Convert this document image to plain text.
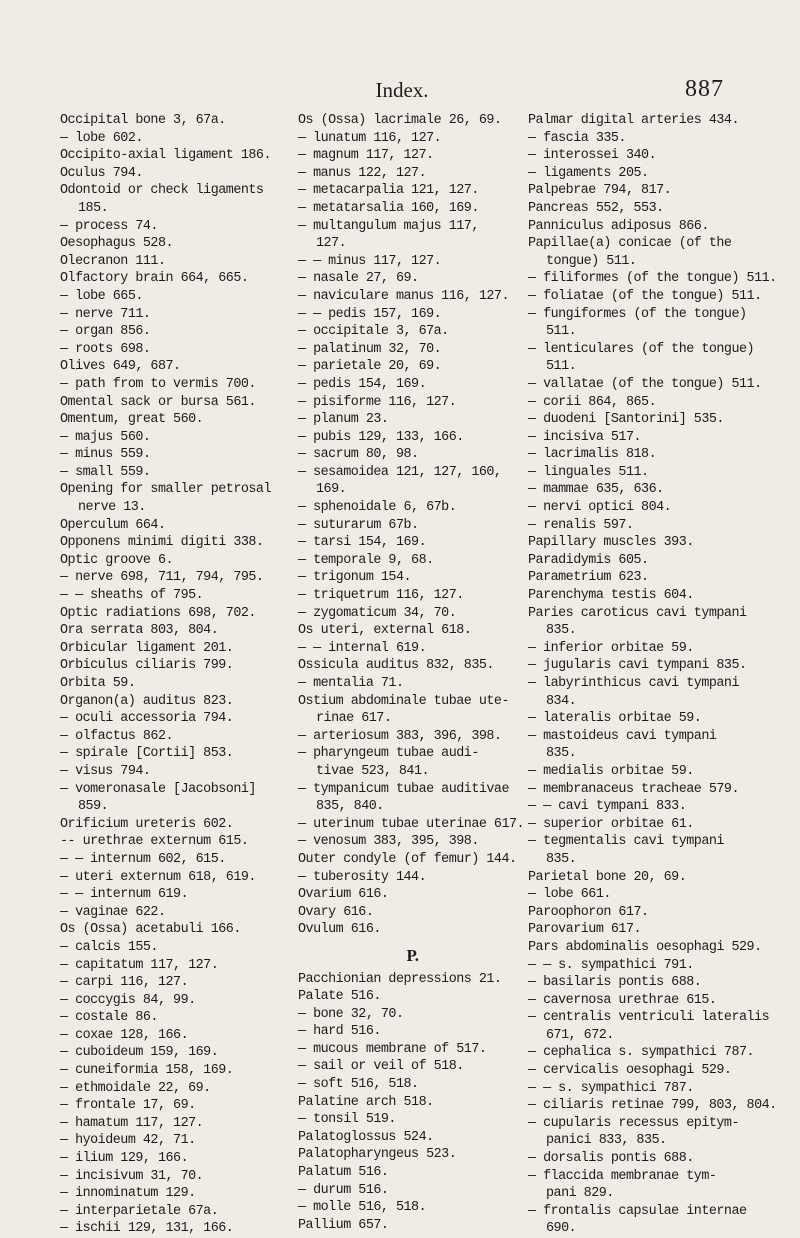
Index.	887
Occipital bone 3, 67a.
— lobe 602.
Occipito-axial ligament 186.
Oculus 794.
Odontoid or check ligaments
185.
— process 74.
Oesophagus 528.
Olecranon 111.
Olfactory brain 664, 665.
— lobe 665.
— nerve 711.
— organ 856.
— roots 698.
Olives 649, 687.
— path from to vermis 700.
Omental sack or bursa 561.
Omentum, great 560.
— majus 560.
— minus 559.
— small 559.
Opening for smaller petrosal
nerve 13.
Operculum 664.
Opponens minimi digiti 338.
Optic groove 6.
— nerve 698, 711, 794, 795.
— — sheaths of 795.
Optic radiations 698, 702.
Ora serrata 803, 804.
Orbicular ligament 201.
Orbiculus ciliaris 799.
Orbita 59.
Organon(a) auditus 823.
— oculi accessoria 794.
— olfactus 862.
— spirale [Cortii] 853.
— visus 794.
— vomeronasale [Jacobsoni]
859.
Orificium ureteris 602.
-- urethrae externum 615.
— — internum 602, 615.
— uteri externum 618, 619.
— — internum 619.
— vaginae 622.
Os (Ossa) acetabuli 166.
— calcis 155.
— capitatum 117, 127.
— carpi 116, 127.
— coccygis 84, 99.
— costale 86.
— coxae 128, 166.
— cuboideum 159, 169.
— cuneiformia 158, 169.
— ethmoidale 22, 69.
— frontale 17, 69.
— hamatum 117, 127.
— hyoideum 42, 71.
— ilium 129, 166.
— incisivum 31, 70.
— innominatum 129.
— interparietale 67a.
— ischii 129, 131, 166.
Os (Ossa) lacrimale 26, 69.
— lunatum 116, 127.
— magnum 117, 127.
— manus 122, 127.
— metacarpalia 121, 127.
— metatarsalia 160, 169.
— multangulum majus 117,
127.
— — minus 117, 127.
— nasale 27, 69.
— naviculare manus 116, 127.
— — pedis 157, 169.
— occipitale 3, 67a.
— palatinum 32, 70.
— parietale 20, 69.
— pedis 154, 169.
— pisiforme 116, 127.
— planum 23.
— pubis 129, 133, 166.
— sacrum 80, 98.
— sesamoidea 121, 127, 160,
169.
— sphenoidale 6, 67b.
— suturarum 67b.
— tarsi 154, 169.
— temporale 9, 68.
— trigonum 154.
— triquetrum 116, 127.
— zygomaticum 34, 70.
Os uteri, external 618.
— — internal 619.
Ossicula auditus 832, 835.
— mentalia 71.
Ostium abdominale tubae ute-
rinae 617.
— arteriosum 383, 396, 398.
— pharyngeum tubae audi-
tivae 523, 841.
— tympanicum tubae auditivae
835, 840.
— uterinum tubae uterinae 617.
— venosum 383, 395, 398.
Outer condyle (of femur) 144.
— tuberosity 144.
Ovarium 616.
Ovary 616.
Ovulum 616.
P.
Pacchionian depressions 21.
Palate 516.
— bone 32, 70.
— hard 516.
— mucous membrane of 517.
— sail or veil of 518.
— soft 516, 518.
Palatine arch 518.
— tonsil 519.
Palatoglossus 524.
Palatopharyngeus 523.
Palatum 516.
— durum 516.
— molle 516, 518.
Pallium 657.
Palmar digital arteries 434.
— fascia 335.
— interossei 340.
— ligaments 205.
Palpebrae 794, 817.
Pancreas 552, 553.
Panniculus adiposus 866.
Papillae(a) conicae (of the
tongue) 511.
— filiformes (of the tongue) 511.
— foliatae (of the tongue) 511.
— fungiformes (of the tongue)
511.
— lenticulares (of the tongue)
511.
— vallatae (of the tongue) 511.
— corii 864, 865.
— duodeni [Santorini] 535.
— incisiva 517.
— lacrimalis 818.
— linguales 511.
— mammae 635, 636.
— nervi optici 804.
— renalis 597.
Papillary muscles 393.
Paradidymis 605.
Parametrium 623.
Parenchyma testis 604.
Paries caroticus cavi tympani
835.
— inferior orbitae 59.
— jugularis cavi tympani 835.
— labyrinthicus cavi tympani
834.
— lateralis orbitae 59.
— mastoideus cavi tympani
835.
— medialis orbitae 59.
— membranaceus tracheae 579.
— — cavi tympani 833.
— superior orbitae 61.
— tegmentalis cavi tympani
835.
Parietal bone 20, 69.
— lobe 661.
Paroophoron 617.
Parovarium 617.
Pars abdominalis oesophagi 529.
— — s. sympathici 791.
— basilaris pontis 688.
— cavernosa urethrae 615.
— centralis ventriculi lateralis
671, 672.
— cephalica s. sympathici 787.
— cervicalis oesophagi 529.
— — s. sympathici 787.
— ciliaris retinae 799, 803, 804.
— cupularis recessus epitym-
panici 833, 835.
— dorsalis pontis 688.
— flaccida membranae tym-
pani 829.
— frontalis capsulae internae
690.
